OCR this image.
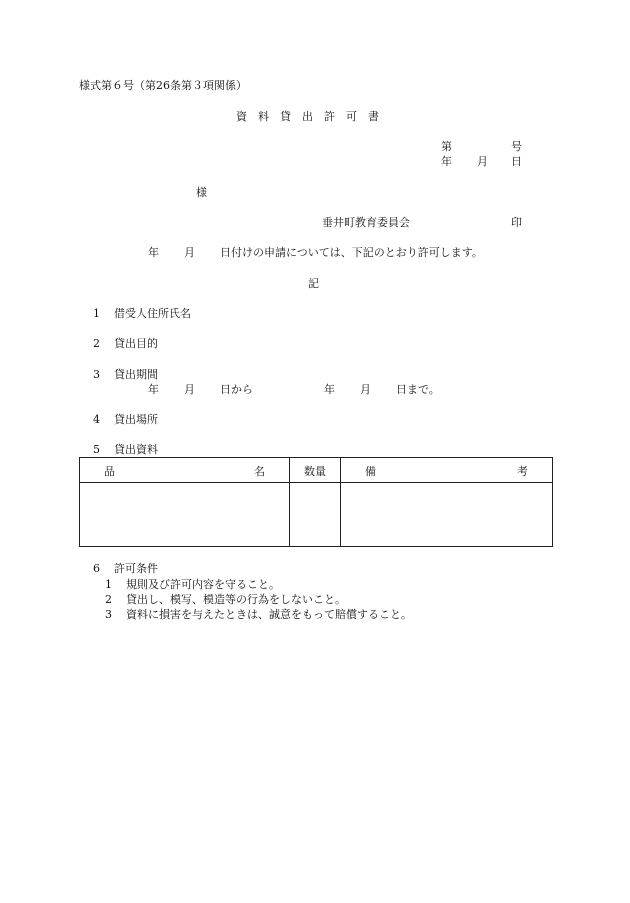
様式第６号（第26条第３項関係）
資料貸出許可書
第	号
年 月 日
様
垂井町教育委員会	印
年 月 日付けの申請については、下記のとおり許可します。
記
1 借受人住所氏名
2 貸出目的
3 貸出期間
年 月 日から	年 月 日まで。
4 貸出場所
5 貸出資料
品 名	数量	備 考

6 許可条件
1 規則及び許可内容を守ること。
2 貸出し、模写、模造等の行為をしないこと。
3 資料に損害を与えたときは、誠意をもって賠償すること。
